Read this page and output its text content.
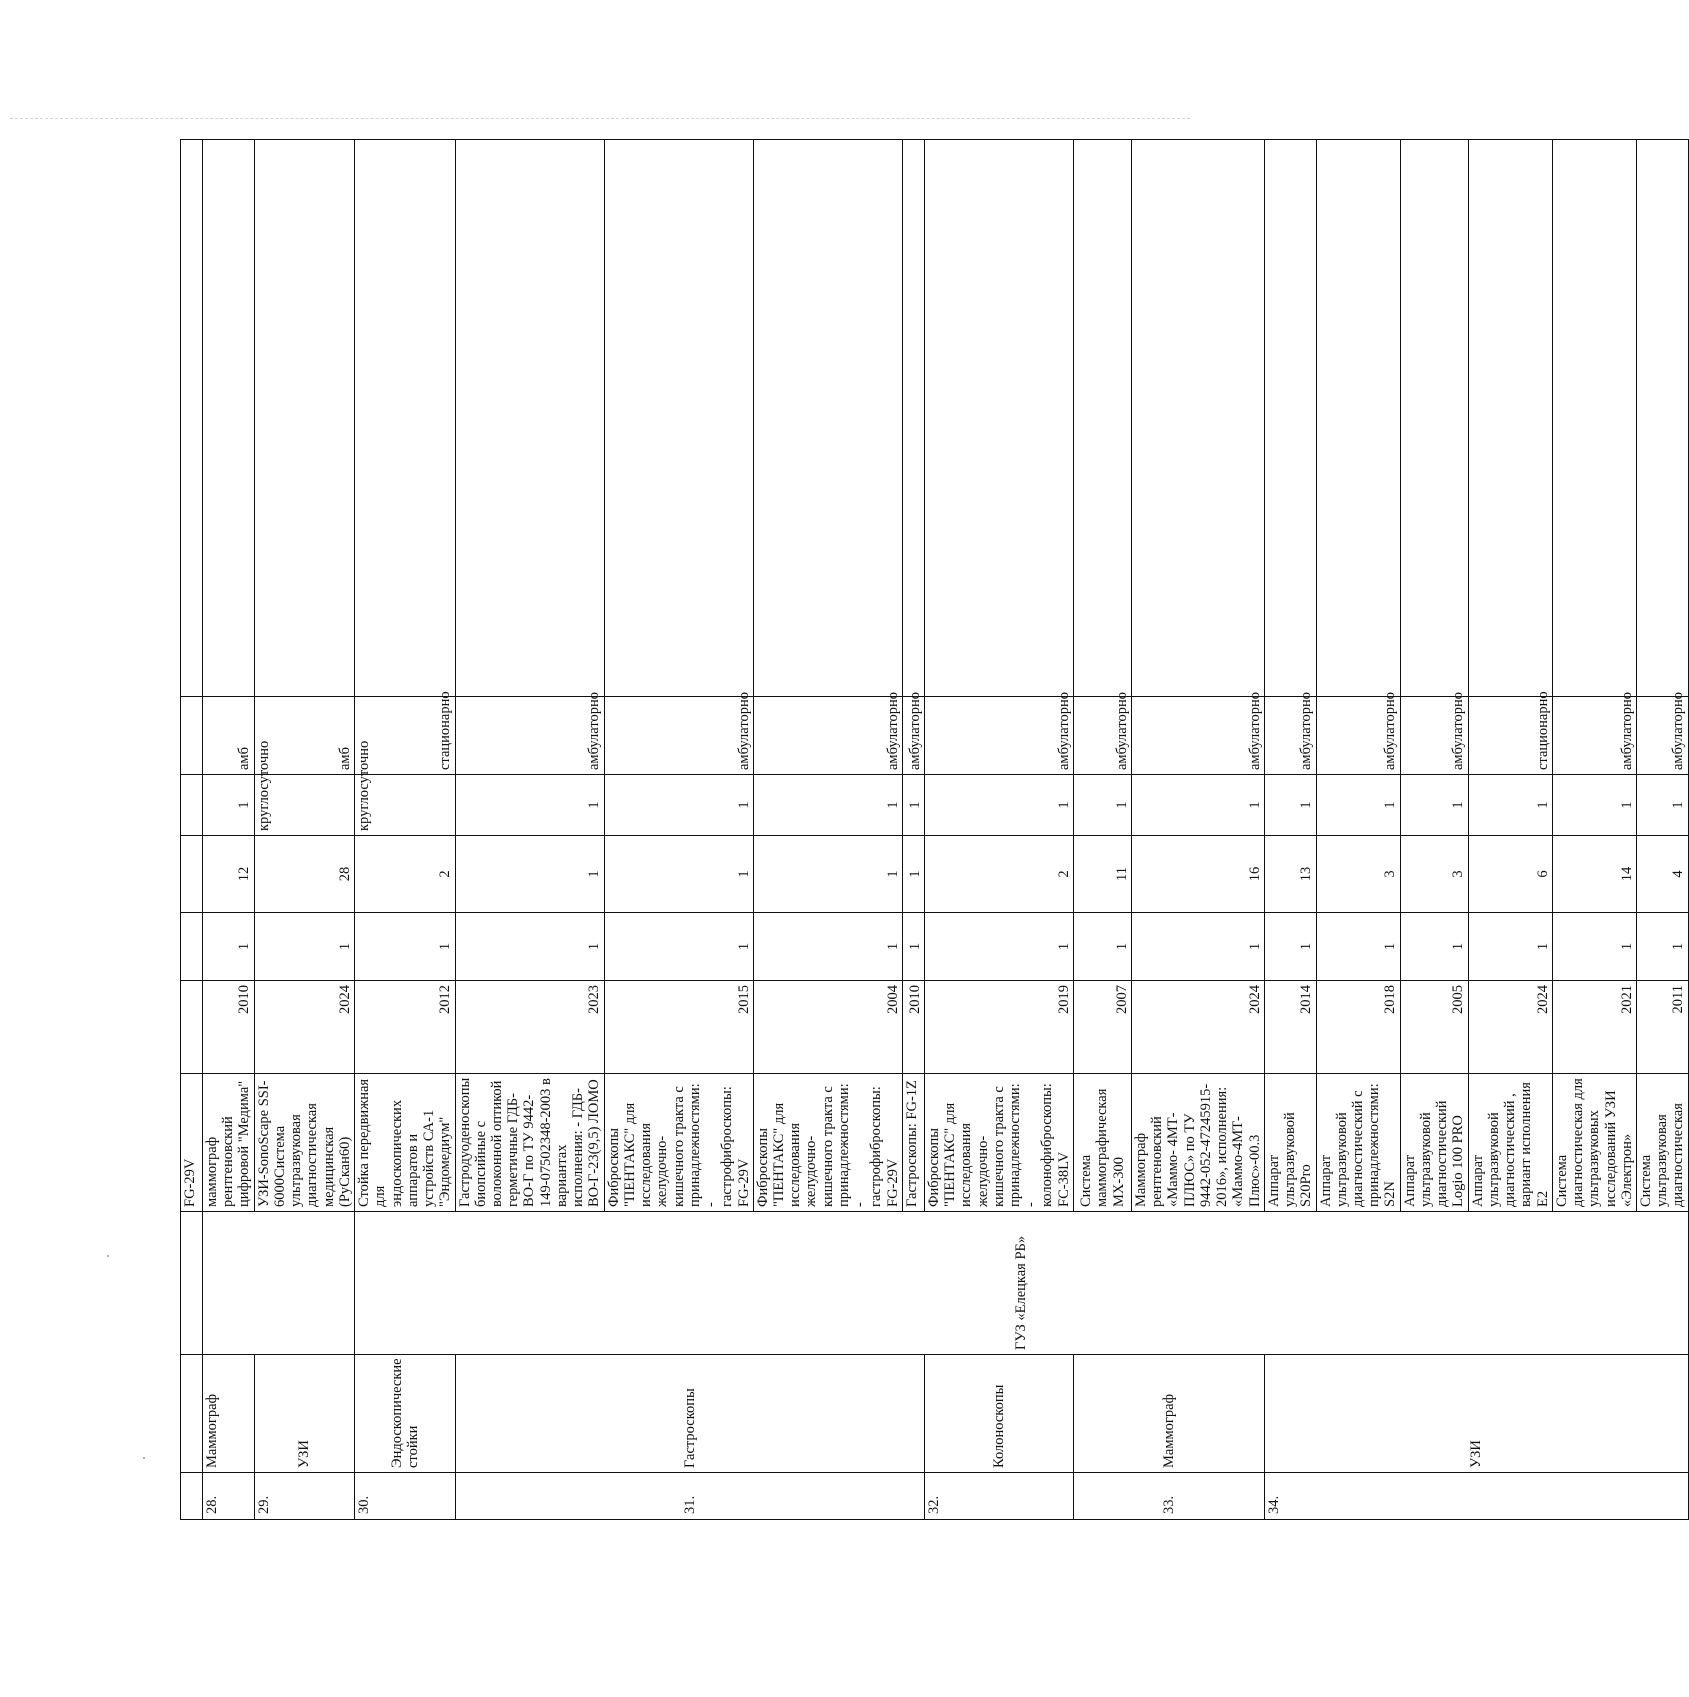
			FG-29V						
28.	Маммограф		маммограф рентгеновский цифровой "Медима"	2010	1	12	1	амб	
29.	УЗИ		УЗИ-SonoScape SSI-6000Система ультразвуковая диагностическая медицинская (РуСкан60)	2024	1	28	круглосуточно	амб	
30.	Эндоскопические стойки	ГУЗ «Елецкая РБ»	Стойка передвижная для эндоскопических аппаратов и устройств СА-1 "Эндомедиум"	2012	1	2	круглосуточно	стационарно	
31.	Гастроскопы		Гастродуоденоскопы биопсийные с волоконной оптикой герметичные ГДБ-ВО-Г по ТУ 9442-149-07502348-2003 в вариантах исполнения: - ГДБ-ВО-Г-23(9,5) ЛОМО	2023	1	1	1	амбулаторно	
			Фиброскопы "ПЕНТАКС" для исследования желудочно-кишечного тракта с принадлежностями: - гастрофиброскопы: FG-29V	2015	1	1	1	амбулаторно	
			Фиброскопы "ПЕНТАКС" для исследования желудочно-кишечного тракта с принадлежностями: - гастрофиброскопы: FG-29V	2004	1	1	1	амбулаторно	
			Гастроскопы: FG-1Z	2010	1	1	1	амбулаторно	
32.	Колоноскопы		Фиброскопы "ПЕНТАКС" для исследования желудочно-кишечного тракта с принадлежностями: - колонофиброскопы: FC-38LV	2019	1	2	1	амбулаторно	
33.	Маммограф		Система маммографическая МХ-300	2007	1	11	1	амбулаторно	
			Маммограф рентгеновский «Маммо- 4МТ-ПЛЮС» по ТУ 9442-052-47245915-2016», исполнения: «Маммо-4МТ-Плюс»-00.3	2024	1	16	1	амбулаторно	
34.	УЗИ		Аппарат ультразвуковой S20Pro	2014	1	13	1	амбулаторно	
			Аппарат ультразвуковой диагностический с принадлежностями: S2N	2018	1	3	1	амбулаторно	
			Аппарат ультразвуковой диагностический Logio 100 PRO	2005	1	3	1	амбулаторно	
			Аппарат ультразвуковой диагностический , вариант исполнения Е2	2024	1	6	1	стационарно	
			Система диагностическая для ультразвуковых исследований УЗИ «Электрон»	2021	1	14	1	амбулаторно	
			Система ультразвуковая диагностическая	2011	1	4	1	амбулаторно	
